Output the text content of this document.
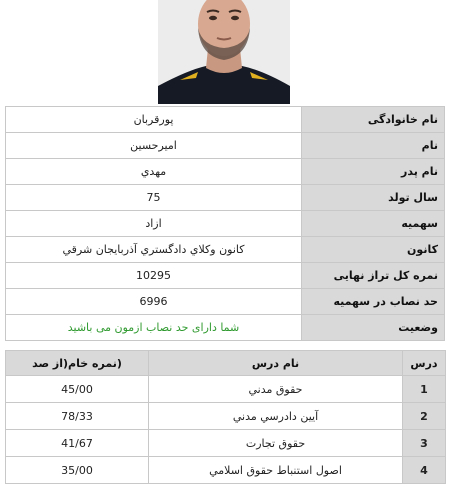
نام خانوادگی	پورقربان
نام	اميرحسين
نام پدر	مهدي
سال تولد	75
سهمیه	ازاد
کانون	كانون وكلاي دادگستري آذربايجان شرقي
نمره کل تراز نهایی	10295
حد نصاب در سهمیه	6996
وضعیت	شما دارای حد نصاب ازمون می باشید
درس	نام درس	(نمره خام(از صد
1	حقوق مدني	45/00
2	آيين دادرسي مدني	78/33
3	حقوق تجارت	41/67
4	اصول استنباط حقوق اسلامي	35/00
